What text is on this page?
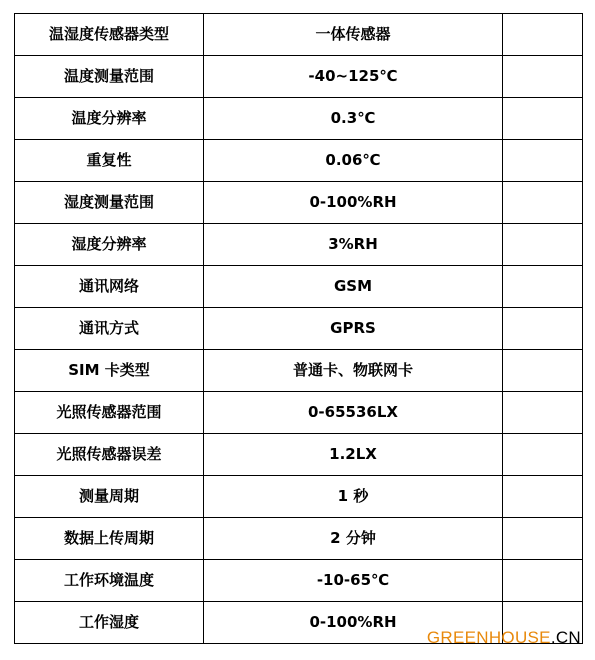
温湿度传感器类型	一体传感器	
温度测量范围	-40~125℃	
温度分辨率	0.3℃	
重复性	0.06℃	
湿度测量范围	0-100%RH	
湿度分辨率	3%RH	
通讯网络	GSM	
通讯方式	GPRS	
SIM 卡类型	普通卡、物联网卡	
光照传感器范围	0-65536LX	
光照传感器误差	1.2LX	
测量周期	1 秒	
数据上传周期	2 分钟	
工作环境温度	-10-65℃	
工作湿度	0-100%RH	
GREENHOUSE.CN
